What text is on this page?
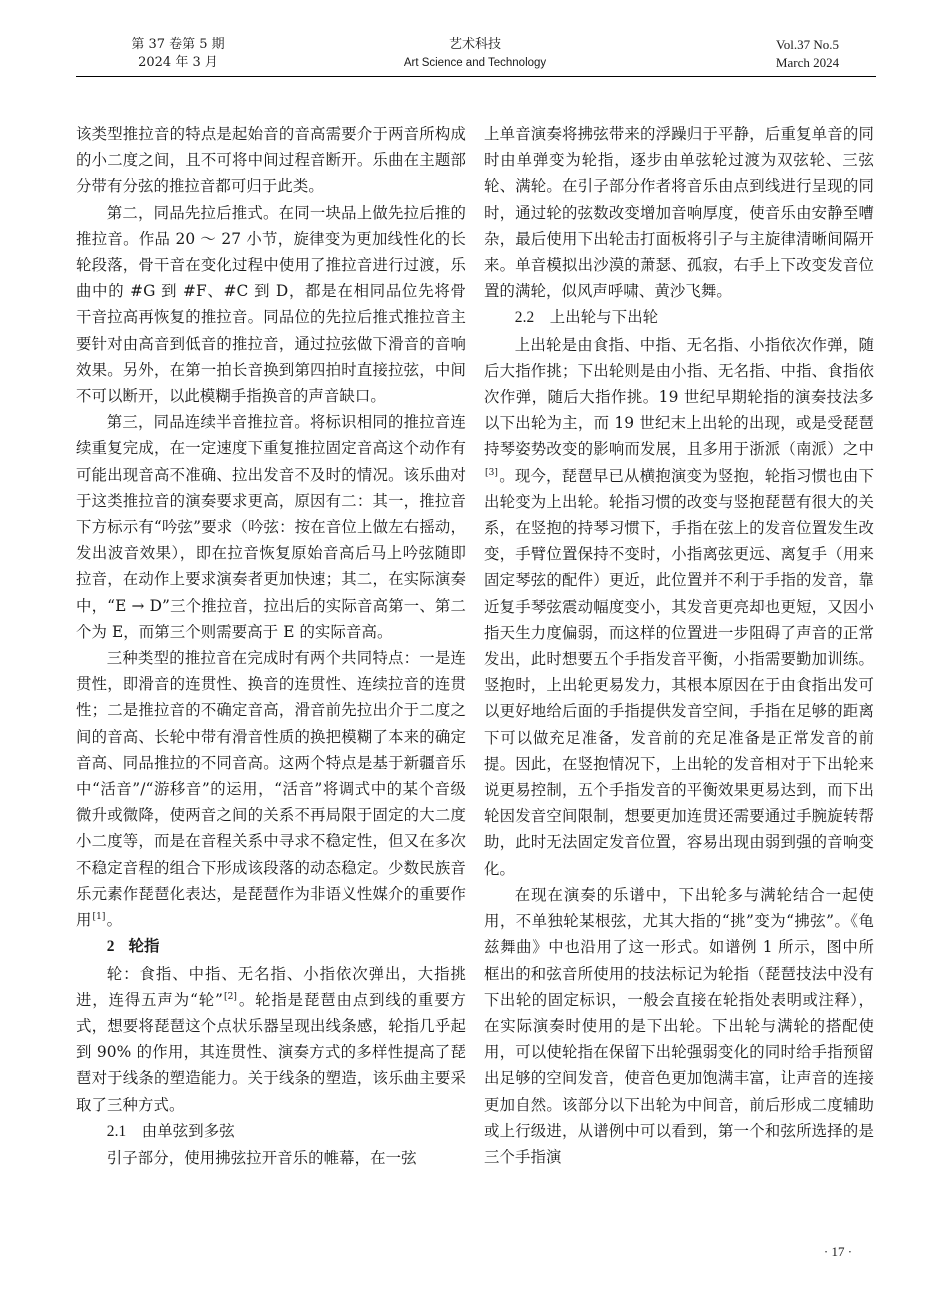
第 37 卷第 5 期
2024 年 3 月
艺术科技
Art Science and Technology
Vol.37 No.5
March 2024

该类型推拉音的特点是起始音的音高需要介于两音所构成的小二度之间，且不可将中间过程音断开。乐曲在主题部分带有分弦的推拉音都可归于此类。

第二，同品先拉后推式。在同一块品上做先拉后推的推拉音。作品 20 ～ 27 小节，旋律变为更加线性化的长轮段落，骨干音在变化过程中使用了推拉音进行过渡，乐曲中的 #G 到 #F、#C 到 D，都是在相同品位先将骨干音拉高再恢复的推拉音。同品位的先拉后推式推拉音主要针对由高音到低音的推拉音，通过拉弦做下滑音的音响效果。另外，在第一拍长音换到第四拍时直接拉弦，中间不可以断开，以此模糊手指换音的声音缺口。

第三，同品连续半音推拉音。将标识相同的推拉音连续重复完成，在一定速度下重复推拉固定音高这个动作有可能出现音高不准确、拉出发音不及时的情况。该乐曲对于这类推拉音的演奏要求更高，原因有二：其一，推拉音下方标示有“吟弦”要求（吟弦：按在音位上做左右摇动，发出波音效果），即在拉音恢复原始音高后马上吟弦随即拉音，在动作上要求演奏者更加快速；其二，在实际演奏中，“E → D”三个推拉音，拉出后的实际音高第一、第二个为 E，而第三个则需要高于 E 的实际音高。

三种类型的推拉音在完成时有两个共同特点：一是连贯性，即滑音的连贯性、换音的连贯性、连续拉音的连贯性；二是推拉音的不确定音高，滑音前先拉出介于二度之间的音高、长轮中带有滑音性质的换把模糊了本来的确定音高、同品推拉的不同音高。这两个特点是基于新疆音乐中“活音”/“游移音”的运用，“活音”将调式中的某个音级微升或微降，使两音之间的关系不再局限于固定的大二度小二度等，而是在音程关系中寻求不稳定性，但又在多次不稳定音程的组合下形成该段落的动态稳定。少数民族音乐元素作琵琶化表达，是琵琶作为非语义性媒介的重要作用[1]。

2 轮指

轮：食指、中指、无名指、小指依次弹出，大指挑进，连得五声为“轮”[2]。轮指是琵琶由点到线的重要方式，想要将琵琶这个点状乐器呈现出线条感，轮指几乎起到 90% 的作用，其连贯性、演奏方式的多样性提高了琵琶对于线条的塑造能力。关于线条的塑造，该乐曲主要采取了三种方式。

2.1 由单弦到多弦

引子部分，使用拂弦拉开音乐的帷幕，在一弦

上单音演奏将拂弦带来的浮躁归于平静，后重复单音的同时由单弹变为轮指，逐步由单弦轮过渡为双弦轮、三弦轮、满轮。在引子部分作者将音乐由点到线进行呈现的同时，通过轮的弦数改变增加音响厚度，使音乐由安静至嘈杂，最后使用下出轮击打面板将引子与主旋律清晰间隔开来。单音模拟出沙漠的萧瑟、孤寂，右手上下改变发音位置的满轮，似风声呼啸、黄沙飞舞。

2.2 上出轮与下出轮

上出轮是由食指、中指、无名指、小指依次作弹，随后大指作挑；下出轮则是由小指、无名指、中指、食指依次作弹，随后大指作挑。19 世纪早期轮指的演奏技法多以下出轮为主，而 19 世纪末上出轮的出现，或是受琵琶持琴姿势改变的影响而发展，且多用于浙派（南派）之中[3]。现今，琵琶早已从横抱演变为竖抱，轮指习惯也由下出轮变为上出轮。轮指习惯的改变与竖抱琵琶有很大的关系，在竖抱的持琴习惯下，手指在弦上的发音位置发生改变，手臂位置保持不变时，小指离弦更远、离复手（用来固定琴弦的配件）更近，此位置并不利于手指的发音，靠近复手琴弦震动幅度变小，其发音更亮却也更短，又因小指天生力度偏弱，而这样的位置进一步阻碍了声音的正常发出，此时想要五个手指发音平衡，小指需要勤加训练。竖抱时，上出轮更易发力，其根本原因在于由食指出发可以更好地给后面的手指提供发音空间，手指在足够的距离下可以做充足准备，发音前的充足准备是正常发音的前提。因此，在竖抱情况下，上出轮的发音相对于下出轮来说更易控制，五个手指发音的平衡效果更易达到，而下出轮因发音空间限制，想要更加连贯还需要通过手腕旋转帮助，此时无法固定发音位置，容易出现由弱到强的音响变化。

在现在演奏的乐谱中，下出轮多与满轮结合一起使用，不单独轮某根弦，尤其大指的“挑”变为“拂弦”。《龟兹舞曲》中也沿用了这一形式。如谱例 1 所示，图中所框出的和弦音所使用的技法标记为轮指（琵琶技法中没有下出轮的固定标识，一般会直接在轮指处表明或注释），在实际演奏时使用的是下出轮。下出轮与满轮的搭配使用，可以使轮指在保留下出轮强弱变化的同时给手指预留出足够的空间发音，使音色更加饱满丰富，让声音的连接更加自然。该部分以下出轮为中间音，前后形成二度辅助或上行级进，从谱例中可以看到，第一个和弦所选择的是三个手指演

· 17 ·
